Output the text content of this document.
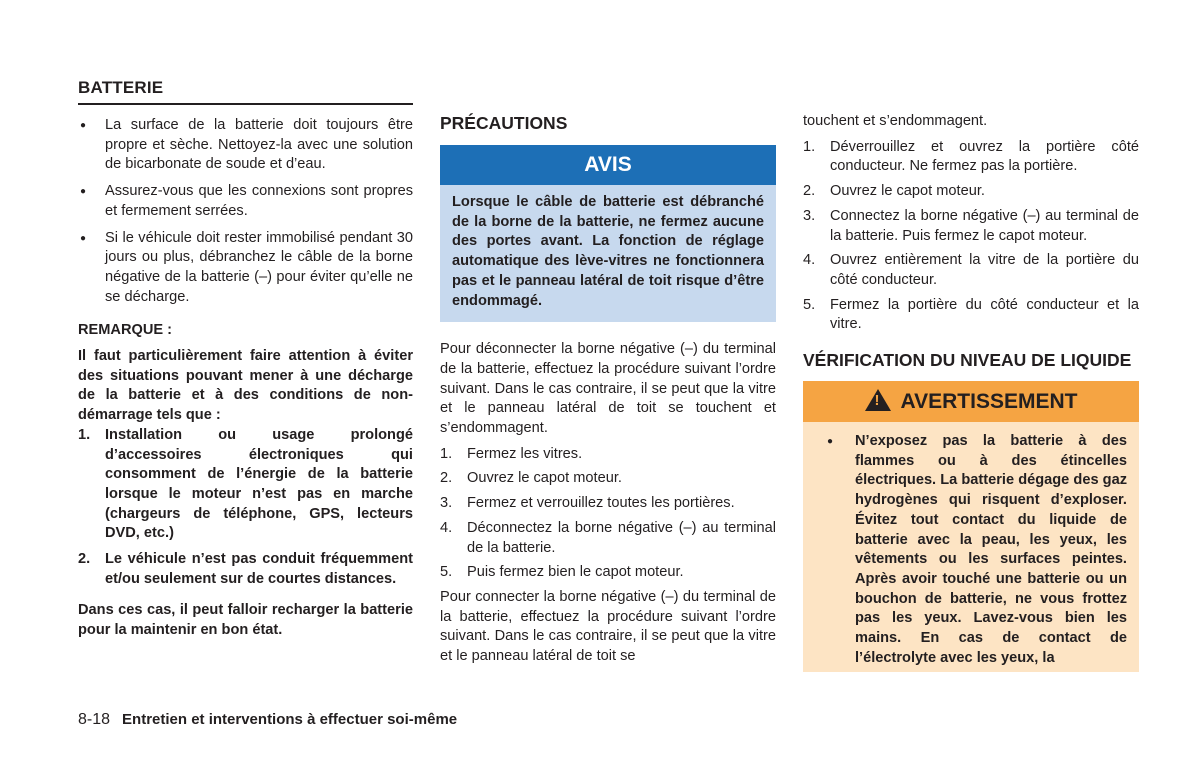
BATTERIE

● La surface de la batterie doit toujours être propre et sèche. Nettoyez-la avec une solution de bicarbonate de soude et d’eau.

● Assurez-vous que les connexions sont propres et fermement serrées.

● Si le véhicule doit rester immobilisé pendant 30 jours ou plus, débranchez le câble de la borne négative de la batterie (–) pour éviter qu’elle ne se décharge.

REMARQUE :

Il faut particulièrement faire attention à éviter des situations pouvant mener à une décharge de la batterie et à des conditions de non-démarrage tels que :

1. Installation ou usage prolongé d’accessoires électroniques qui consomment de l’énergie de la batterie lorsque le moteur n’est pas en marche (chargeurs de téléphone, GPS, lecteurs DVD, etc.)
2. Le véhicule n’est pas conduit fréquemment et/ou seulement sur de courtes distances.

Dans ces cas, il peut falloir recharger la batterie pour la maintenir en bon état.

PRÉCAUTIONS

AVIS

Lorsque le câble de batterie est débranché de la borne de la batterie, ne fermez aucune des portes avant. La fonction de réglage automatique des lève-vitres ne fonctionnera pas et le panneau latéral de toit risque d’être endommagé.

Pour déconnecter la borne négative (–) du terminal de la batterie, effectuez la procédure suivant l’ordre suivant. Dans le cas contraire, il se peut que la vitre et le panneau latéral de toit se touchent et s’endommagent.

1. Fermez les vitres.
2. Ouvrez le capot moteur.
3. Fermez et verrouillez toutes les portières.
4. Déconnectez la borne négative (–) au terminal de la batterie.
5. Puis fermez bien le capot moteur.

Pour connecter la borne négative (–) du terminal de la batterie, effectuez la procédure suivant l’ordre suivant. Dans le cas contraire, il se peut que la vitre et le panneau latéral de toit se

touchent et s’endommagent.

1. Déverrouillez et ouvrez la portière côté conducteur. Ne fermez pas la portière.
2. Ouvrez le capot moteur.
3. Connectez la borne négative (–) au terminal de la batterie. Puis fermez le capot moteur.
4. Ouvrez entièrement la vitre de la portière du côté conducteur.
5. Fermez la portière du côté conducteur et la vitre.

VÉRIFICATION DU NIVEAU DE LIQUIDE

! AVERTISSEMENT

● N’exposez pas la batterie à des flammes ou à des étincelles électriques. La batterie dégage des gaz hydrogènes qui risquent d’exploser. Évitez tout contact du liquide de batterie avec la peau, les yeux, les vêtements ou les surfaces peintes. Après avoir touché une batterie ou un bouchon de batterie, ne vous frottez pas les yeux. Lavez-vous bien les mains. En cas de contact de l’électrolyte avec les yeux, la

8-18 Entretien et interventions à effectuer soi-même
